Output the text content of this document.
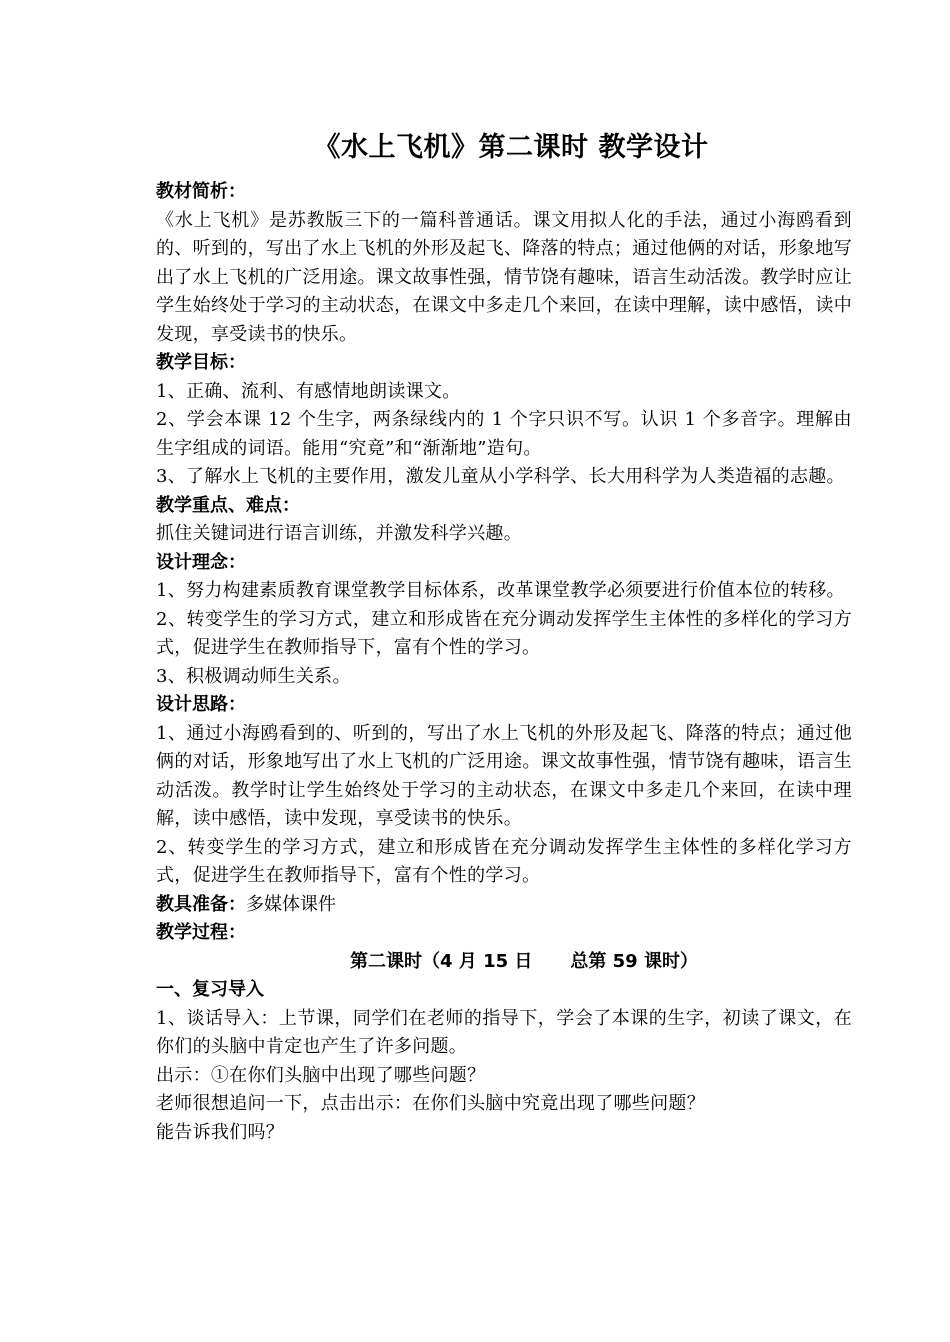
《水上飞机》第二课时 教学设计

教材简析：

《水上飞机》是苏教版三下的一篇科普通话。课文用拟人化的手法，通过小海鸥看到的、听到的，写出了水上飞机的外形及起飞、降落的特点；通过他俩的对话，形象地写出了水上飞机的广泛用途。课文故事性强，情节饶有趣味，语言生动活泼。教学时应让学生始终处于学习的主动状态，在课文中多走几个来回，在读中理解，读中感悟，读中发现，享受读书的快乐。

教学目标：

1、正确、流利、有感情地朗读课文。

2、学会本课 12 个生字，两条绿线内的 1 个字只识不写。认识 1 个多音字。理解由生字组成的词语。能用“究竟”和“渐渐地”造句。

3、了解水上飞机的主要作用，激发儿童从小学科学、长大用科学为人类造福的志趣。

教学重点、难点：

抓住关键词进行语言训练，并激发科学兴趣。

设计理念：

1、努力构建素质教育课堂教学目标体系，改革课堂教学必须要进行价值本位的转移。

2、转变学生的学习方式，建立和形成皆在充分调动发挥学生主体性的多样化的学习方式，促进学生在教师指导下，富有个性的学习。

3、积极调动师生关系。

设计思路：

1、通过小海鸥看到的、听到的，写出了水上飞机的外形及起飞、降落的特点；通过他俩的对话，形象地写出了水上飞机的广泛用途。课文故事性强，情节饶有趣味，语言生动活泼。教学时让学生始终处于学习的主动状态，在课文中多走几个来回，在读中理解，读中感悟，读中发现，享受读书的快乐。

2、转变学生的学习方式，建立和形成皆在充分调动发挥学生主体性的多样化学习方式，促进学生在教师指导下，富有个性的学习。

教具准备：多媒体课件

教学过程：

第二课时（4 月 15 日 总第 59 课时）

一、复习导入

1、谈话导入：上节课，同学们在老师的指导下，学会了本课的生字，初读了课文，在你们的头脑中肯定也产生了许多问题。

出示：①在你们头脑中出现了哪些问题？

老师很想追问一下，点击出示：在你们头脑中究竟出现了哪些问题？

能告诉我们吗？
